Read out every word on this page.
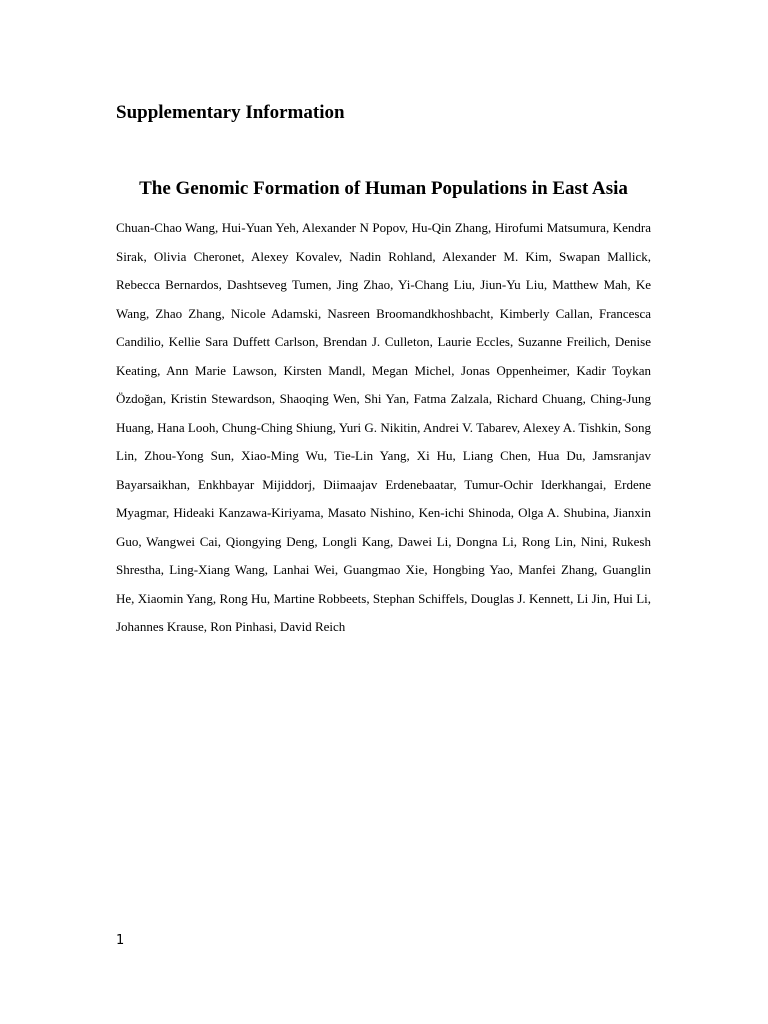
Supplementary Information
The Genomic Formation of Human Populations in East Asia

Chuan-Chao Wang, Hui-Yuan Yeh, Alexander N Popov, Hu-Qin Zhang, Hirofumi Matsumura, Kendra Sirak, Olivia Cheronet, Alexey Kovalev, Nadin Rohland, Alexander M. Kim, Swapan Mallick, Rebecca Bernardos, Dashtseveg Tumen, Jing Zhao, Yi-Chang Liu, Jiun-Yu Liu, Matthew Mah, Ke Wang, Zhao Zhang, Nicole Adamski, Nasreen Broomandkhoshbacht, Kimberly Callan, Francesca Candilio, Kellie Sara Duffett Carlson, Brendan J. Culleton, Laurie Eccles, Suzanne Freilich, Denise Keating, Ann Marie Lawson, Kirsten Mandl, Megan Michel, Jonas Oppenheimer, Kadir Toykan Özdoğan, Kristin Stewardson, Shaoqing Wen, Shi Yan, Fatma Zalzala, Richard Chuang, Ching-Jung Huang, Hana Looh, Chung-Ching Shiung, Yuri G. Nikitin, Andrei V. Tabarev, Alexey A. Tishkin, Song Lin, Zhou-Yong Sun, Xiao-Ming Wu, Tie-Lin Yang, Xi Hu, Liang Chen, Hua Du, Jamsranjav Bayarsaikhan, Enkhbayar Mijiddorj, Diimaajav Erdenebaatar, Tumur-Ochir Iderkhangai, Erdene Myagmar, Hideaki Kanzawa-Kiriyama, Masato Nishino, Ken-ichi Shinoda, Olga A. Shubina, Jianxin Guo, Wangwei Cai, Qiongying Deng, Longli Kang, Dawei Li, Dongna Li, Rong Lin, Nini, Rukesh Shrestha, Ling-Xiang Wang, Lanhai Wei, Guangmao Xie, Hongbing Yao, Manfei Zhang, Guanglin He, Xiaomin Yang, Rong Hu, Martine Robbeets, Stephan Schiffels, Douglas J. Kennett, Li Jin, Hui Li, Johannes Krause, Ron Pinhasi, David Reich

1
